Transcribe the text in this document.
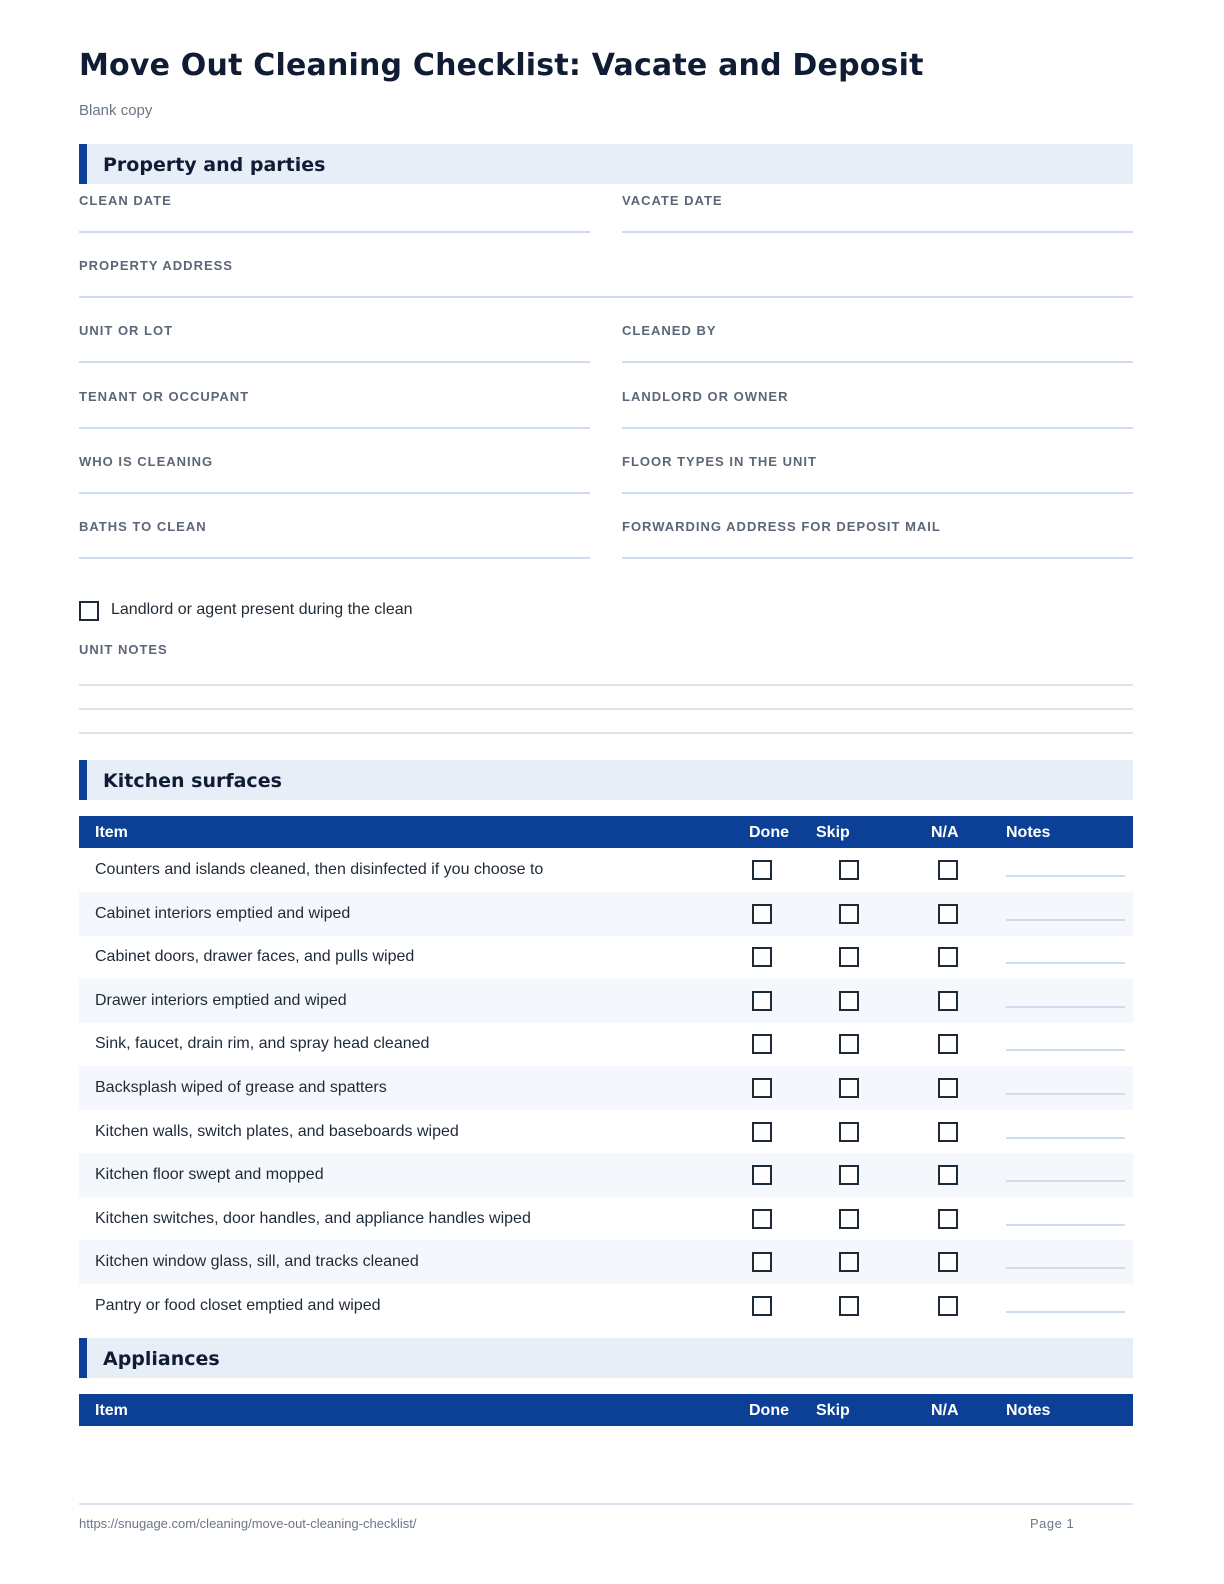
Move Out Cleaning Checklist: Vacate and Deposit
Blank copy
Property and parties
CLEAN DATE	VACATE DATE
PROPERTY ADDRESS
UNIT OR LOT	CLEANED BY
TENANT OR OCCUPANT	LANDLORD OR OWNER
WHO IS CLEANING	FLOOR TYPES IN THE UNIT
BATHS TO CLEAN	FORWARDING ADDRESS FOR DEPOSIT MAIL
Landlord or agent present during the clean
UNIT NOTES
Kitchen surfaces
Item	Done Skip	N/A	Notes
Counters and islands cleaned, then disinfected if you choose to
Cabinet interiors emptied and wiped
Cabinet doors, drawer faces, and pulls wiped
Drawer interiors emptied and wiped
Sink, faucet, drain rim, and spray head cleaned
Backsplash wiped of grease and spatters
Kitchen walls, switch plates, and baseboards wiped
Kitchen floor swept and mopped
Kitchen switches, door handles, and appliance handles wiped
Kitchen window glass, sill, and tracks cleaned
Pantry or food closet emptied and wiped
Appliances
Item	Done Skip	N/A	Notes
https://snugage.com/cleaning/move-out-cleaning-checklist/	Page 1
